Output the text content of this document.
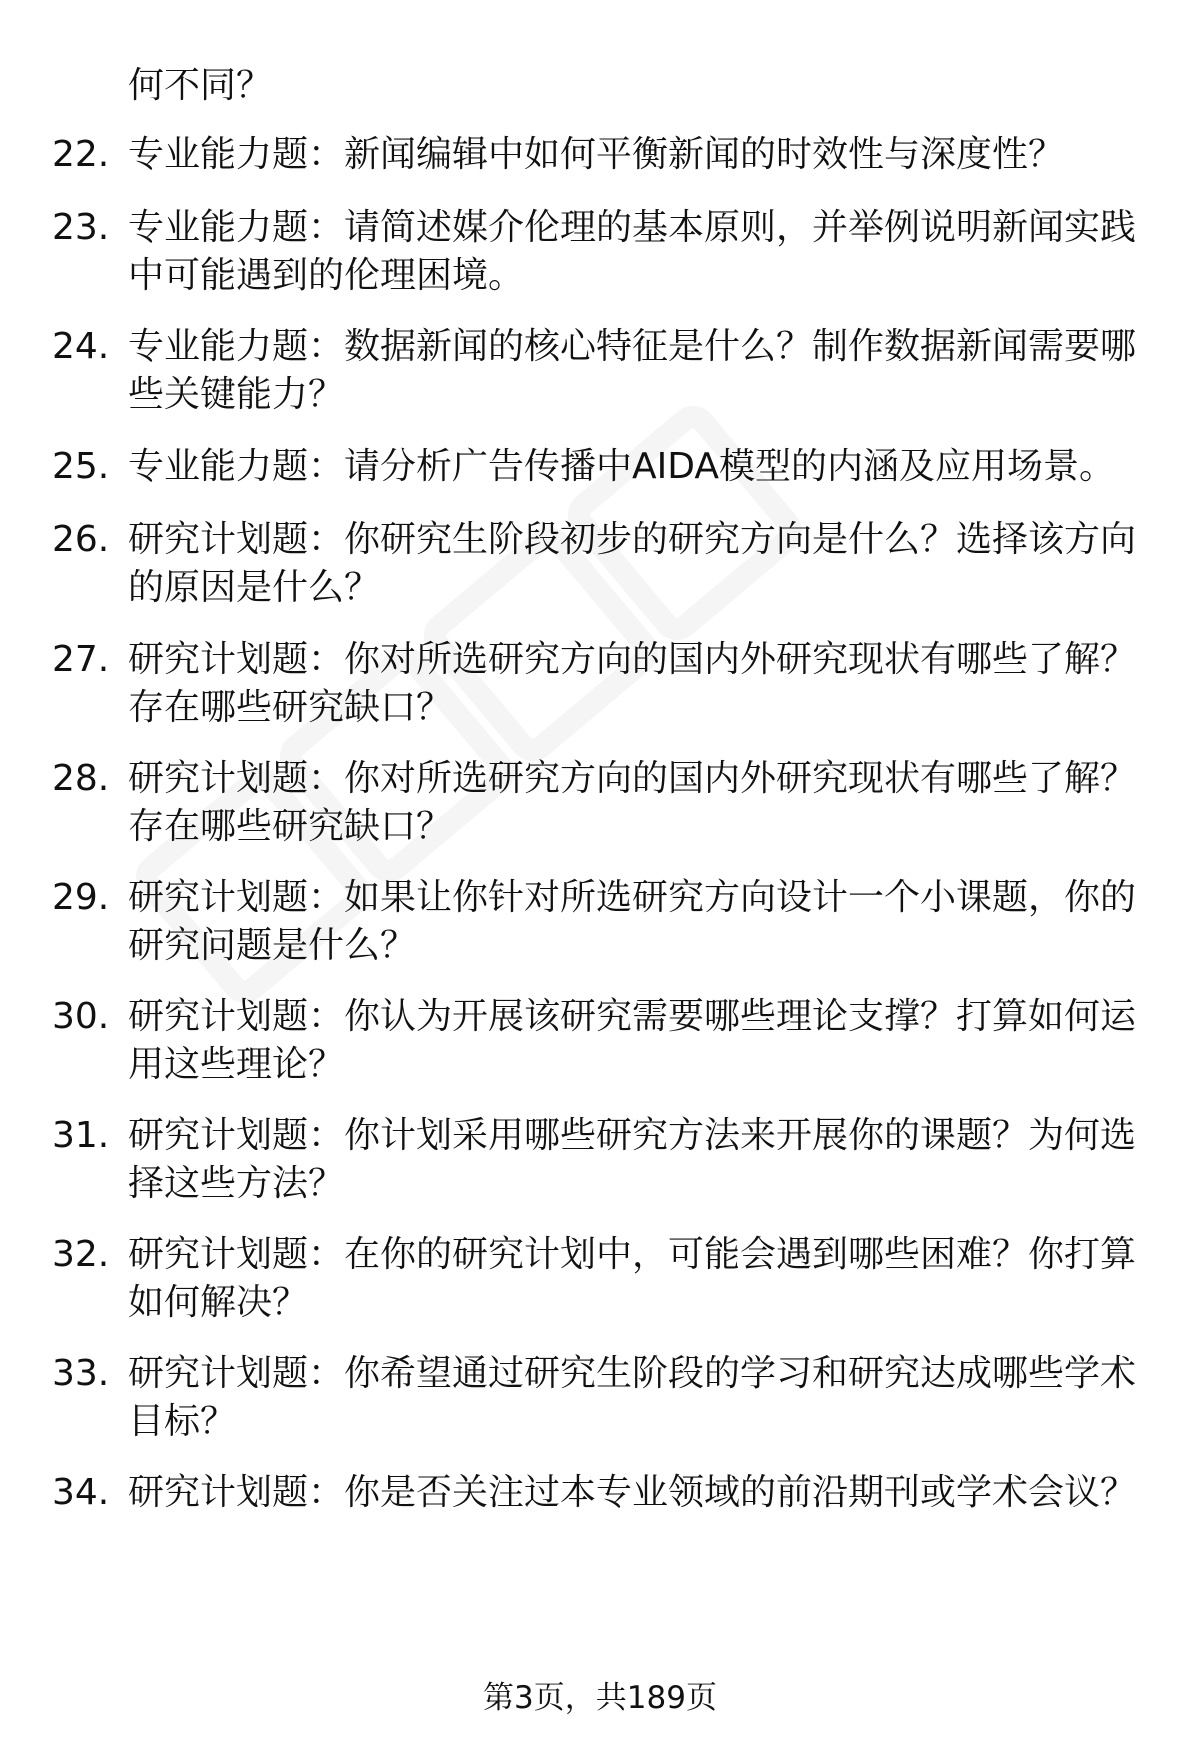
何不同？
22. 专业能力题：新闻编辑中如何平衡新闻的时效性与深度性？
23. 专业能力题：请简述媒介伦理的基本原则，并举例说明新闻实践
中可能遇到的伦理困境。
24. 专业能力题：数据新闻的核心特征是什么？制作数据新闻需要哪
些关键能力？
25. 专业能力题：请分析广告传播中AIDA模型的内涵及应用场景。
26. 研究计划题：你研究生阶段初步的研究方向是什么？选择该方向
的原因是什么？
27. 研究计划题：你对所选研究方向的国内外研究现状有哪些了解？
存在哪些研究缺口？
28. 研究计划题：你对所选研究方向的国内外研究现状有哪些了解？
存在哪些研究缺口？
29. 研究计划题：如果让你针对所选研究方向设计一个小课题，你的
研究问题是什么？
30. 研究计划题：你认为开展该研究需要哪些理论支撑？打算如何运
用这些理论？
31. 研究计划题：你计划采用哪些研究方法来开展你的课题？为何选
择这些方法？
32. 研究计划题：在你的研究计划中，可能会遇到哪些困难？你打算
如何解决？
33. 研究计划题：你希望通过研究生阶段的学习和研究达成哪些学术
目标？
34. 研究计划题：你是否关注过本专业领域的前沿期刊或学术会议？
第3页，共189页
